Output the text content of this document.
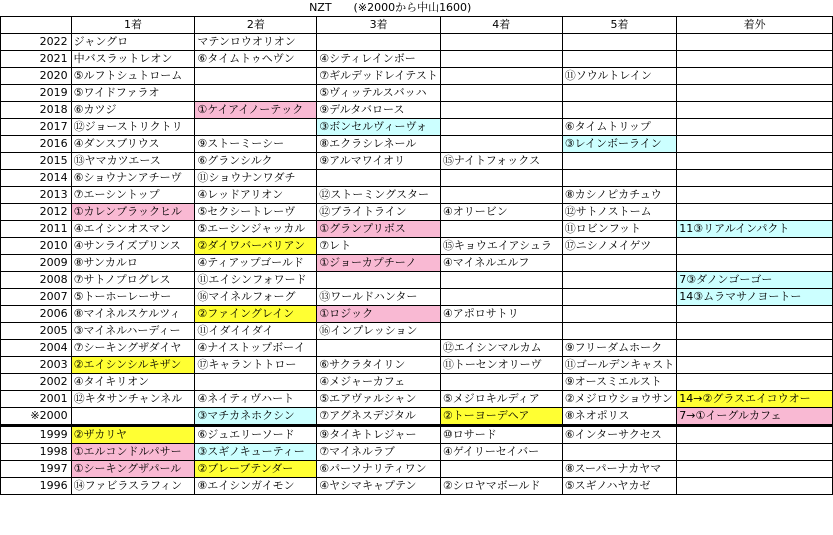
	NZT　　(※2000から中山1600)					
	1着	2着	3着	4着	5着	着外
2022	ジャングロ	マテンロウオリオン				
2021	中バスラットレオン	⑥タイムトゥヘヴン	④シティレインボー			
2020	⑤ルフトシュトローム		⑦ギルデッドレイテスト		⑪ソウルトレイン	
2019	⑤ワイドファラオ		⑤ヴィッテルスバッハ			
2018	⑥カツジ	①ケイアイノーテック	⑨デルタバロース			
2017	⑫ジョーストリクトリ		③ボンセルヴィーヴォ		⑥タイムトリップ	
2016	④ダンスブリウス	⑨ストーミーシー	⑧エクラシレネール		③レインボーライン	
2015	⑬ヤマカツエース	⑥グランシルク	⑨アルマワイオリ	⑮ナイトフォックス		
2014	⑥ショウナンアチーヴ	⑪ショウナンワダチ				
2013	⑦エーシントップ	④レッドアリオン	⑫ストーミングスター		⑧カシノピカチュウ	
2012	①カレンブラックヒル	⑤セクシートレーヴ	⑫ブライトライン	④オリービン	⑫サトノストーム	
2011	④エイシンオスマン	⑤エーシンジャッカル	①グランプリボス		⑪ロビンフット	11③リアルインパクト
2010	④サンライズプリンス	②ダイワバーバリアン	⑦レト	⑮キョウエイアシュラ	⑰ニシノメイゲツ	
2009	⑧サンカルロ	④ティアップゴールド	①ジョーカプチーノ	④マイネルエルフ		
2008	⑦サトノプログレス	⑪エイシンフォワード				7③ダノンゴーゴー
2007	⑤トーホーレーサー	⑯マイネルフォーグ	⑬ワールドハンター			14③ムラマサノヨートー
2006	⑧マイネルスケルツィ	②ファイングレイン	①ロジック	④アポロサトリ		
2005	③マイネルハーディー	⑪イダイイダイ	⑯インプレッション			
2004	⑦シーキングザダイヤ	④ナイストップボーイ		⑫エイシンマルカム	⑨フリーダムホーク	
2003	②エイシンシルキザン	⑰キャラントトロー	⑥サクラタイリン	⑪トーセンオリーヴ	⑪ゴールデンキャスト	
2002	④タイキリオン		④メジャーカフェ		⑨オースミエルスト	
2001	⑫キタサンチャンネル	④ネイティヴハート	⑤エアヴァルシャン	⑤メジロキルディア	②メジロウショウサン	14→②グラスエイコウオー
※2000		③マチカネホクシン	⑦アグネスデジタル	②トーヨーデヘア	⑧ネオポリス	7→①イーグルカフェ
1999	②ザカリヤ	⑥ジュエリーソード	⑨タイキトレジャー	⑩ロサード	⑥インターサクセス	
1998	①エルコンドルパサー	③スギノキューティー	⑦マイネルラブ	④ゲイリーセイバー		
1997	①シーキングザパール	②ブレーブテンダー	⑥パーソナリティワン		⑧スーパーナカヤマ	
1996	⑭ファビラスラフィン	⑧エイシンガイモン	④ヤシマキャプテン	②シロヤマボールド	⑤スギノハヤカゼ	
